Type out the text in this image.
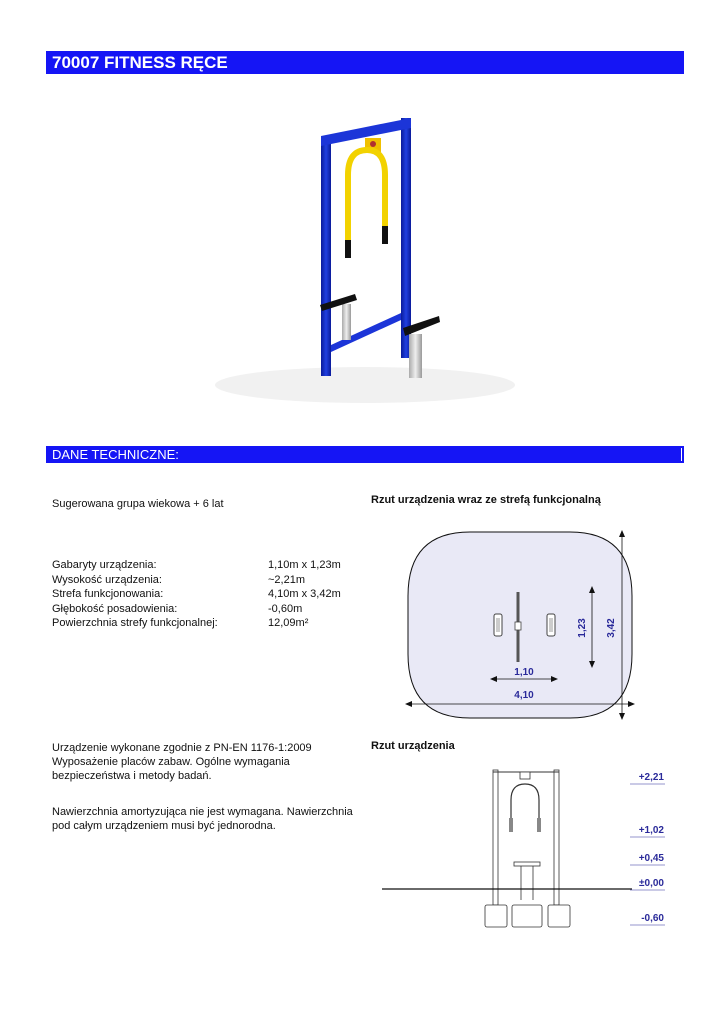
70007 FITNESS RĘCE
DANE TECHNICZNE:
Sugerowana grupa wiekowa + 6 lat
Gabaryty urządzenia:	1,10m x 1,23m
Wysokość urządzenia:	~2,21m
Strefa funkcjonowania:	4,10m x 3,42m
Głębokość posadowienia:	-0,60m
Powierzchnia strefy funkcjonalnej:	12,09m²
Urządzenie wykonane zgodnie z PN-EN 1176-1:2009
Wyposażenie placów zabaw. Ogólne wymagania
bezpieczeństwa i metody badań.
Nawierzchnia amortyzująca nie jest wymagana. Nawierzchnia
pod całym urządzeniem musi być jednorodna.
Rzut urządzenia wraz ze strefą funkcjonalną
1,10
4,10
1,23 3,42
Rzut urządzenia
+2,21
+1,02
+0,45
±0,00
-0,60
